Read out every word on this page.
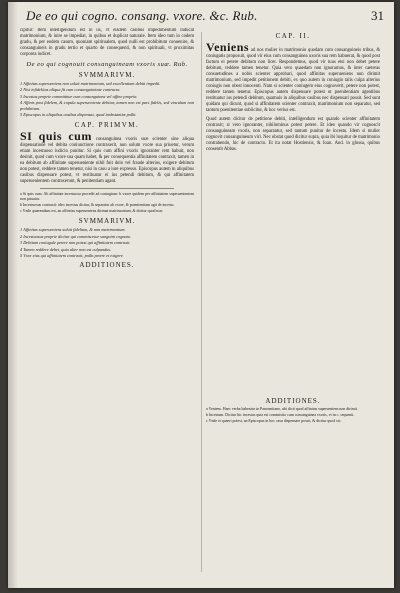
De eo qui cogno. consang. vxore. &c. Rub.	31

cipitur: Item intelligendum est in iis, vt eisdem casibus impedimentum inducat matrimonium, & inire se impediat, in quibus et duplicat naturale. Item ideo tum in codem gradu, & per eodem casum, quoniam spiritualem, quod nulli est prohibitum conuenire, & consanguineis in gradu tertio et quarto de consequenti, & non spirituali, vt proximitas corporea iudicet.

De eo qui cognouit consanguineam vxoris suæ. Rub.
SVMMARIVM.

1 Affinitas superueniens non soluit matrimonium, sed excellentiam debiti impedit.

2 Nisi infidelitas aliqua fit cum consanguinitate contracta.

3 Incestus proprie committitur cum consanguinea vel affine propria.

4 Affinis post fidelem, & copula superueniente debitur, tamen non est pars fidelis, sed vinculum non prohibitum.

5 Episcopus in aliquibus casibus dispensat, quod inobstantiæ poßit.

CAP. PRIMVM.

SI quis cum consanguinea vxoris suæ scienter sine aliqua dispensatione vel debita coniunctione contraxerit, non solum vxore sua priuetur, verum etiam incestuoso iudicio punitur. Si quis cum affini vxoris ignoranter rem habuit, non desinit, quod cum vxore sua quam habet, & per consequentia affinitatem contraxit, tamen in ea debitum ab affinitate superueniente nihil fuit dolo vel fraude alterius, exigere debitum non potest, reddere tamen tenetur, nisi in casu a iure expresso. Episcopus autem in aliquibus casibus dispensare potest, vt restituatur ei ius petendi debitum, & qui affinitatem superuenientem contraxerunt, & penitentiam agant.

a Si quis cum: Ab affinitate incestuosa procedit ad coniugium: b vxore quidem per affinitatem superuenientem non priuatur.

b Incestuosus contraxit: ideo incestus dicitur, & separatur ab vxore, & poenitentiam agit de incestu.

c Vnde quærendum est, an affinitas superueniens dirimat matrimonium, & dicitur quod non.

SVMMARIVM.

1 Affinitas superueniens soluit fidelium, & non matrimonium.

2 Incestuosus proprie dicitur qui commiscetur sanguini cognato.

3 Debitum coniugale petere non potest qui affinitatem contraxit.

4 Tamen reddere debet, quia alter non est culpandus.

5 Vxor eius qui affinitatem contraxit, poßit petere et exigere.

ADDITIONES.
CAP. II.

Veniens ad nos mulier in matrimonio quodam cum consanguineis tribus, & coniugatis proposuit, quod vir eius cum consanguinea uxoris sua rem habuerat, & quod post factum ei petere debitum non licet. Respondemus, quod vir tuus etsi non debet petere debitum, reddere tamen tenetur. Quia vero quaedam non ignoramus, & inter caeteras consuetudines a nobis scienter approbari, quod affinitas superueniens non dirimit matrimonium, sed impedit petitionem debiti, ex quo autem in coniugio talis culpa alterius coniugis non obest innocenti. Nam si scienter coniugem eius cognoverit, petere non potest, reddere tamen tenetur. Episcopus autem dispensare potest ut poenitentiam agentibus restituatur ius petendi debitum, quamuis in aliquibus casibus nec dispensari possit. Sed sunt quidam qui dicunt, quod si affinitatem scienter contraxit, matrimonium non separatur, sed tantum poenitentiae subiicitur, & hoc verius est.

Quod autem dicitur de petitione debiti, intelligendum est quando scienter affinitatem contraxit; si vero ignoranter, nihilominus potest petere. Et ideo quando vir cognoscit consanguineam vxoris, non separantur, sed tantum punitur de incestu. Idem si mulier cognovit consanguineum viri. Nec obstat quod dicitur supra, quia ibi loquitur de matrimonio contrahendo, hic de contracto. Et ita notat Hostiensis, & Ioan. And. in glossa, quibus consentit Abbas.

ADDITIONES.

a Veniens. Haec verba habentur in Panormitano, ubi dicit quod affinitas superueniens non dirimit.

b Incestum. Dicitur hic incestus quia est commixtio cum consanguinea vxoris, vt in c. sequenti.

c Vnde et quaeri potest, an Episcopus in hoc casu dispensare possit, & dicitur quod sic.
